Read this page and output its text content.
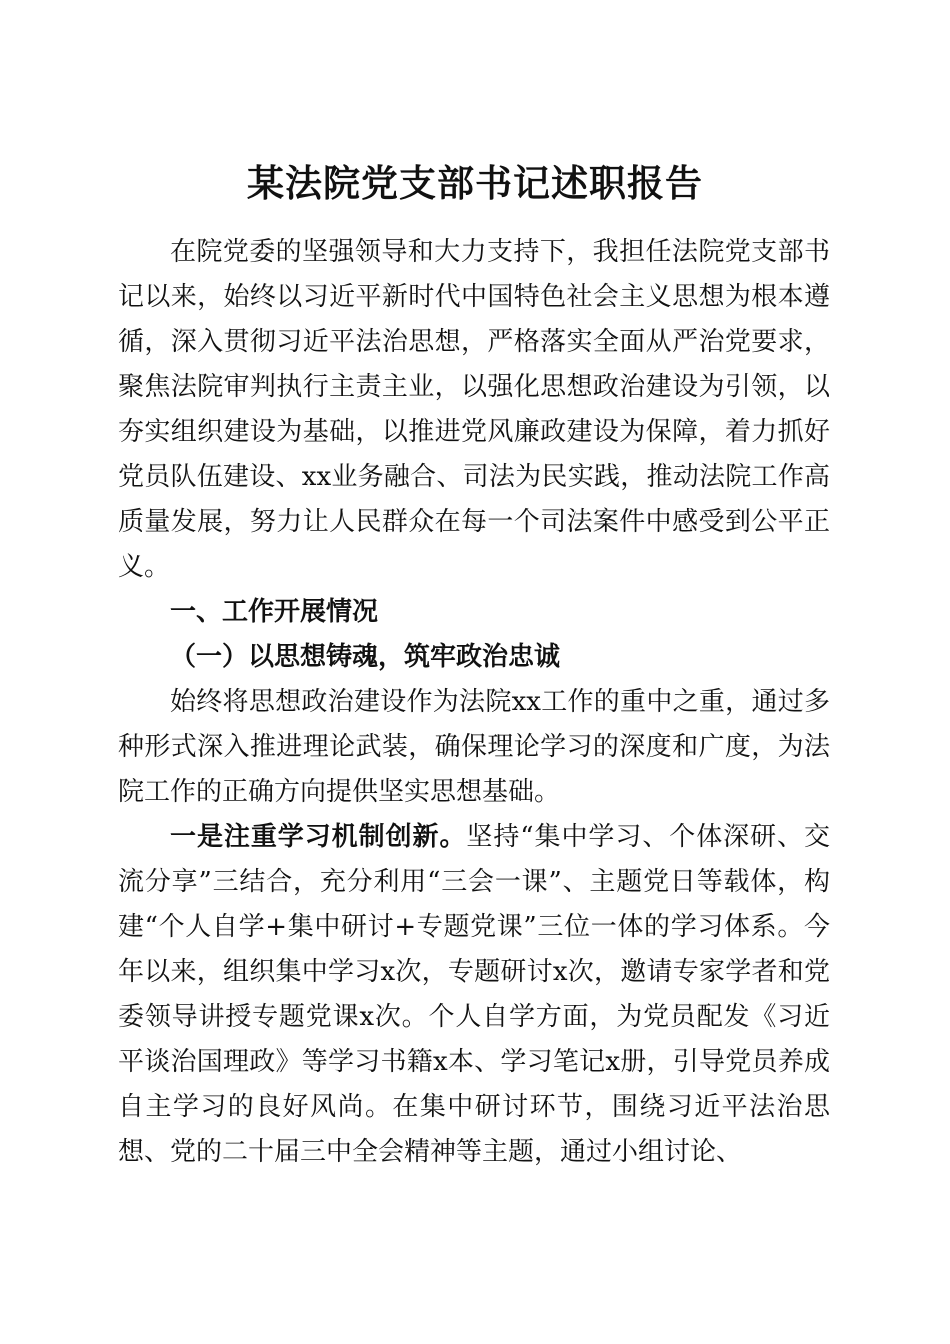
某法院党支部书记述职报告

在院党委的坚强领导和大力支持下，我担任法院党支部书记以来，始终以习近平新时代中国特色社会主义思想为根本遵循，深入贯彻习近平法治思想，严格落实全面从严治党要求，聚焦法院审判执行主责主业，以强化思想政治建设为引领，以夯实组织建设为基础，以推进党风廉政建设为保障，着力抓好党员队伍建设、xx业务融合、司法为民实践，推动法院工作高质量发展，努力让人民群众在每一个司法案件中感受到公平正义。

一、工作开展情况
（一）以思想铸魂，筑牢政治忠诚

始终将思想政治建设作为法院xx工作的重中之重，通过多种形式深入推进理论武装，确保理论学习的深度和广度，为法院工作的正确方向提供坚实思想基础。

一是注重学习机制创新。坚持“集中学习、个体深研、交流分享”三结合，充分利用“三会一课”、主题党日等载体，构建“个人自学+集中研讨+专题党课”三位一体的学习体系。今年以来，组织集中学习x次，专题研讨x次，邀请专家学者和党委领导讲授专题党课x次。个人自学方面，为党员配发《习近平谈治国理政》等学习书籍x本、学习笔记x册，引导党员养成自主学习的良好风尚。在集中研讨环节，围绕习近平法治思想、党的二十届三中全会精神等主题，通过小组讨论、
